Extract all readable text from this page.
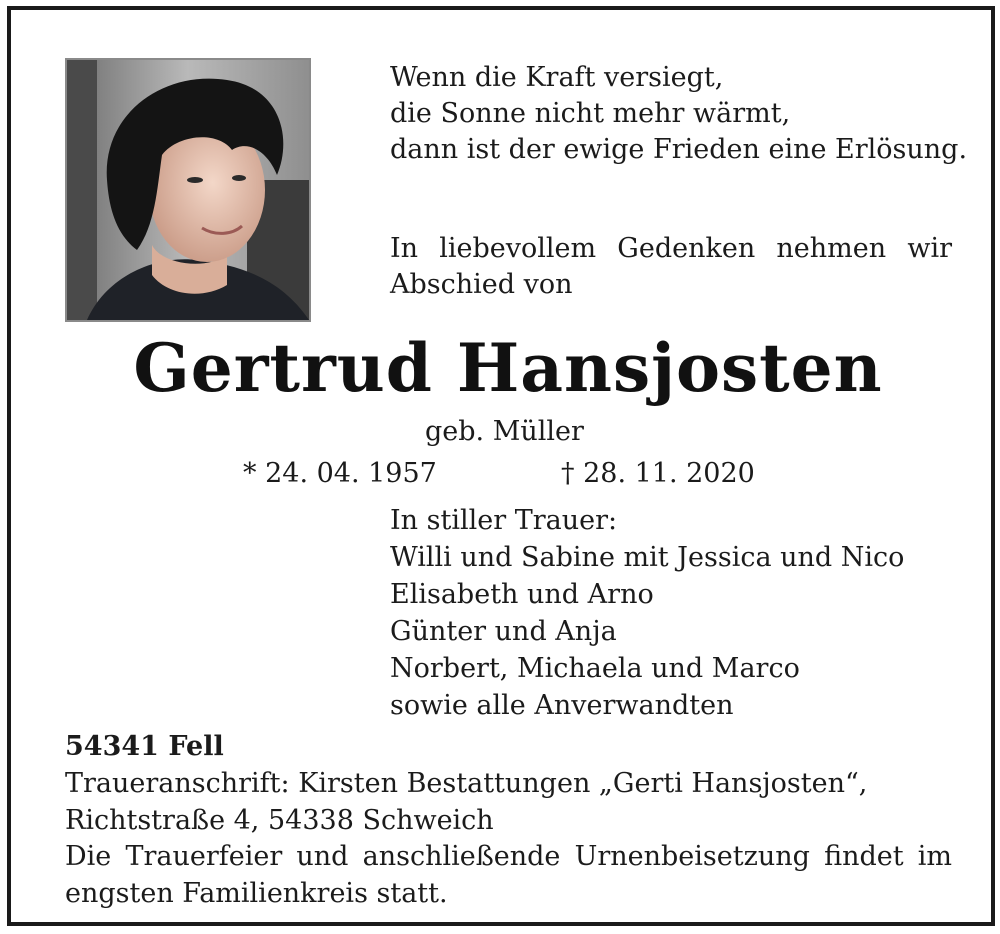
Wenn die Kraft versiegt,
die Sonne nicht mehr wärmt,
dann ist der ewige Frieden eine Erlösung.
In liebevollem Gedenken nehmen wir
Abschied von
Gertrud Hansjosten
geb. Müller
* 24. 04. 1957	† 28. 11. 2020
In stiller Trauer:
Willi und Sabine mit Jessica und Nico
Elisabeth und Arno
Günter und Anja
Norbert, Michaela und Marco
sowie alle Anverwandten
54341 Fell
Traueranschrift: Kirsten Bestattungen „Gerti Hansjosten“,
Richtstraße 4, 54338 Schweich
Die Trauerfeier und anschließende Urnenbeisetzung findet im
engsten Familienkreis statt.
